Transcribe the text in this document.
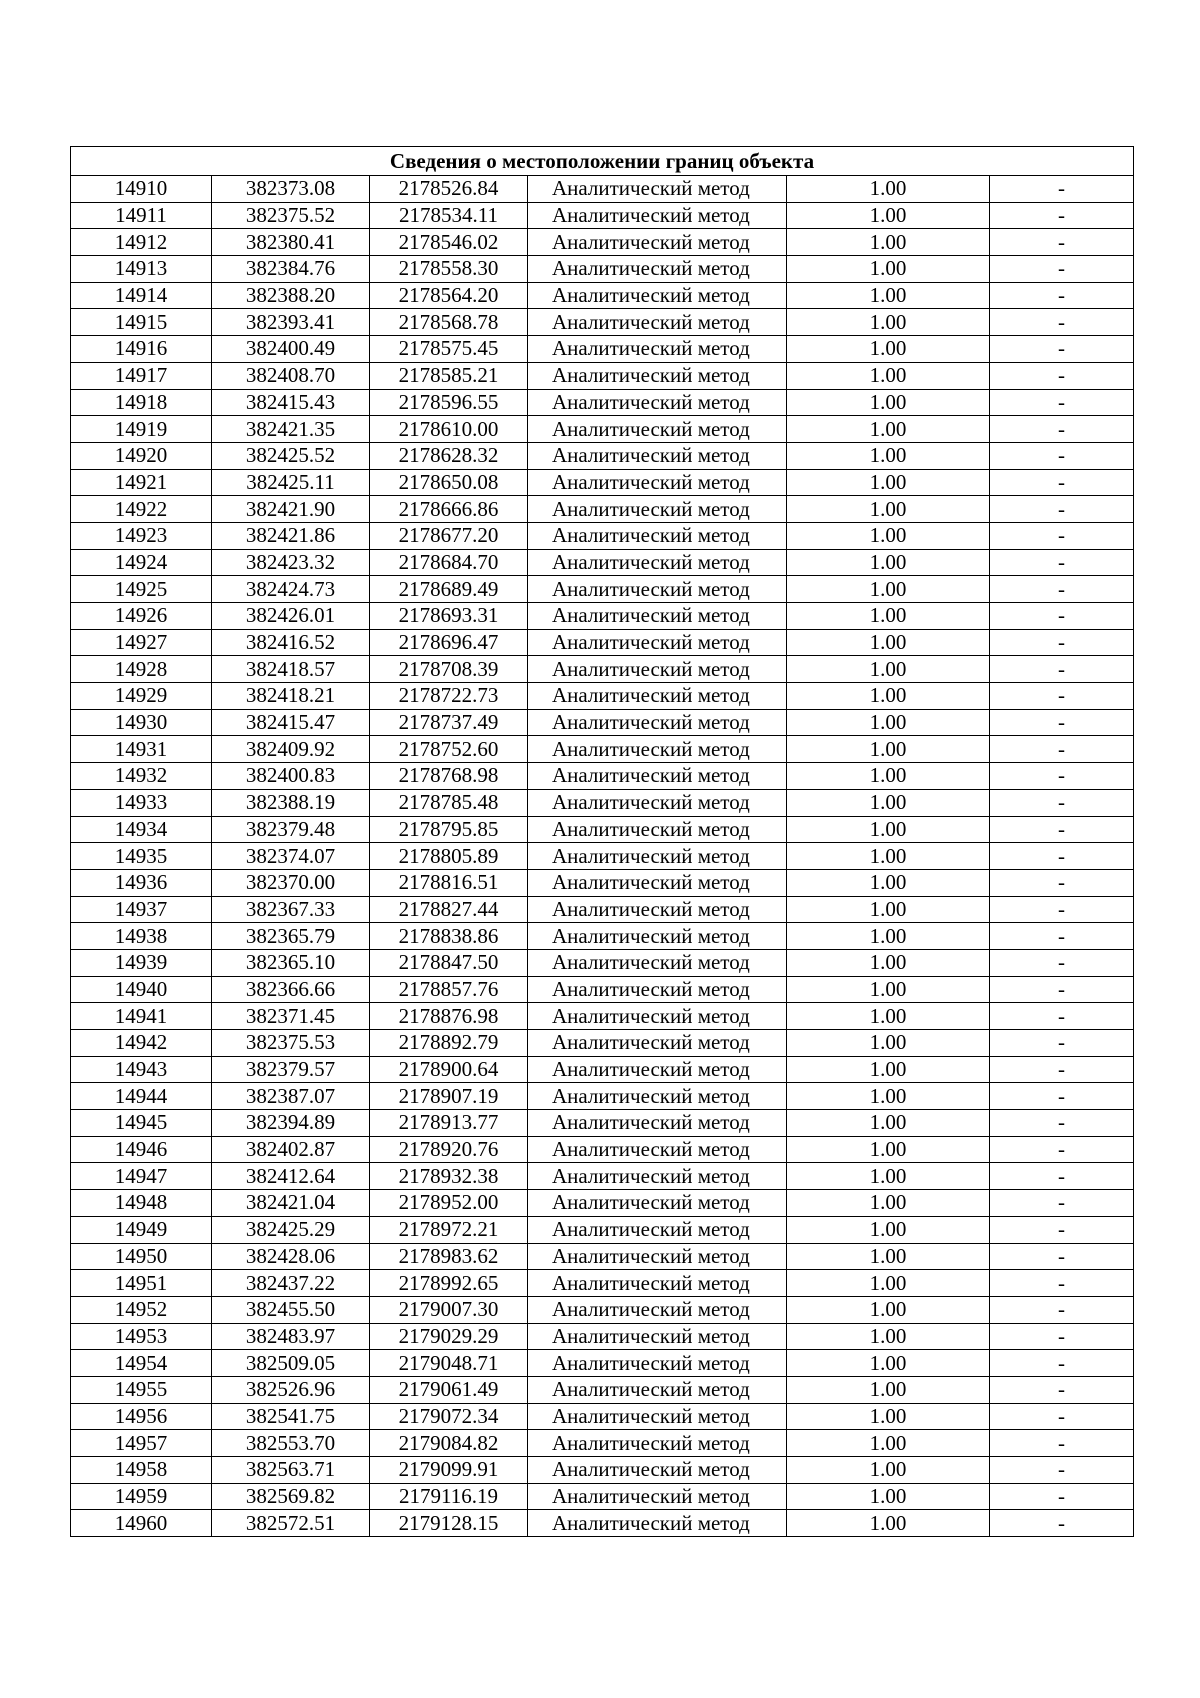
Сведения о местоположении границ объекта					
14910	382373.08	2178526.84	Аналитический метод	1.00	-
14911	382375.52	2178534.11	Аналитический метод	1.00	-
14912	382380.41	2178546.02	Аналитический метод	1.00	-
14913	382384.76	2178558.30	Аналитический метод	1.00	-
14914	382388.20	2178564.20	Аналитический метод	1.00	-
14915	382393.41	2178568.78	Аналитический метод	1.00	-
14916	382400.49	2178575.45	Аналитический метод	1.00	-
14917	382408.70	2178585.21	Аналитический метод	1.00	-
14918	382415.43	2178596.55	Аналитический метод	1.00	-
14919	382421.35	2178610.00	Аналитический метод	1.00	-
14920	382425.52	2178628.32	Аналитический метод	1.00	-
14921	382425.11	2178650.08	Аналитический метод	1.00	-
14922	382421.90	2178666.86	Аналитический метод	1.00	-
14923	382421.86	2178677.20	Аналитический метод	1.00	-
14924	382423.32	2178684.70	Аналитический метод	1.00	-
14925	382424.73	2178689.49	Аналитический метод	1.00	-
14926	382426.01	2178693.31	Аналитический метод	1.00	-
14927	382416.52	2178696.47	Аналитический метод	1.00	-
14928	382418.57	2178708.39	Аналитический метод	1.00	-
14929	382418.21	2178722.73	Аналитический метод	1.00	-
14930	382415.47	2178737.49	Аналитический метод	1.00	-
14931	382409.92	2178752.60	Аналитический метод	1.00	-
14932	382400.83	2178768.98	Аналитический метод	1.00	-
14933	382388.19	2178785.48	Аналитический метод	1.00	-
14934	382379.48	2178795.85	Аналитический метод	1.00	-
14935	382374.07	2178805.89	Аналитический метод	1.00	-
14936	382370.00	2178816.51	Аналитический метод	1.00	-
14937	382367.33	2178827.44	Аналитический метод	1.00	-
14938	382365.79	2178838.86	Аналитический метод	1.00	-
14939	382365.10	2178847.50	Аналитический метод	1.00	-
14940	382366.66	2178857.76	Аналитический метод	1.00	-
14941	382371.45	2178876.98	Аналитический метод	1.00	-
14942	382375.53	2178892.79	Аналитический метод	1.00	-
14943	382379.57	2178900.64	Аналитический метод	1.00	-
14944	382387.07	2178907.19	Аналитический метод	1.00	-
14945	382394.89	2178913.77	Аналитический метод	1.00	-
14946	382402.87	2178920.76	Аналитический метод	1.00	-
14947	382412.64	2178932.38	Аналитический метод	1.00	-
14948	382421.04	2178952.00	Аналитический метод	1.00	-
14949	382425.29	2178972.21	Аналитический метод	1.00	-
14950	382428.06	2178983.62	Аналитический метод	1.00	-
14951	382437.22	2178992.65	Аналитический метод	1.00	-
14952	382455.50	2179007.30	Аналитический метод	1.00	-
14953	382483.97	2179029.29	Аналитический метод	1.00	-
14954	382509.05	2179048.71	Аналитический метод	1.00	-
14955	382526.96	2179061.49	Аналитический метод	1.00	-
14956	382541.75	2179072.34	Аналитический метод	1.00	-
14957	382553.70	2179084.82	Аналитический метод	1.00	-
14958	382563.71	2179099.91	Аналитический метод	1.00	-
14959	382569.82	2179116.19	Аналитический метод	1.00	-
14960	382572.51	2179128.15	Аналитический метод	1.00	-
